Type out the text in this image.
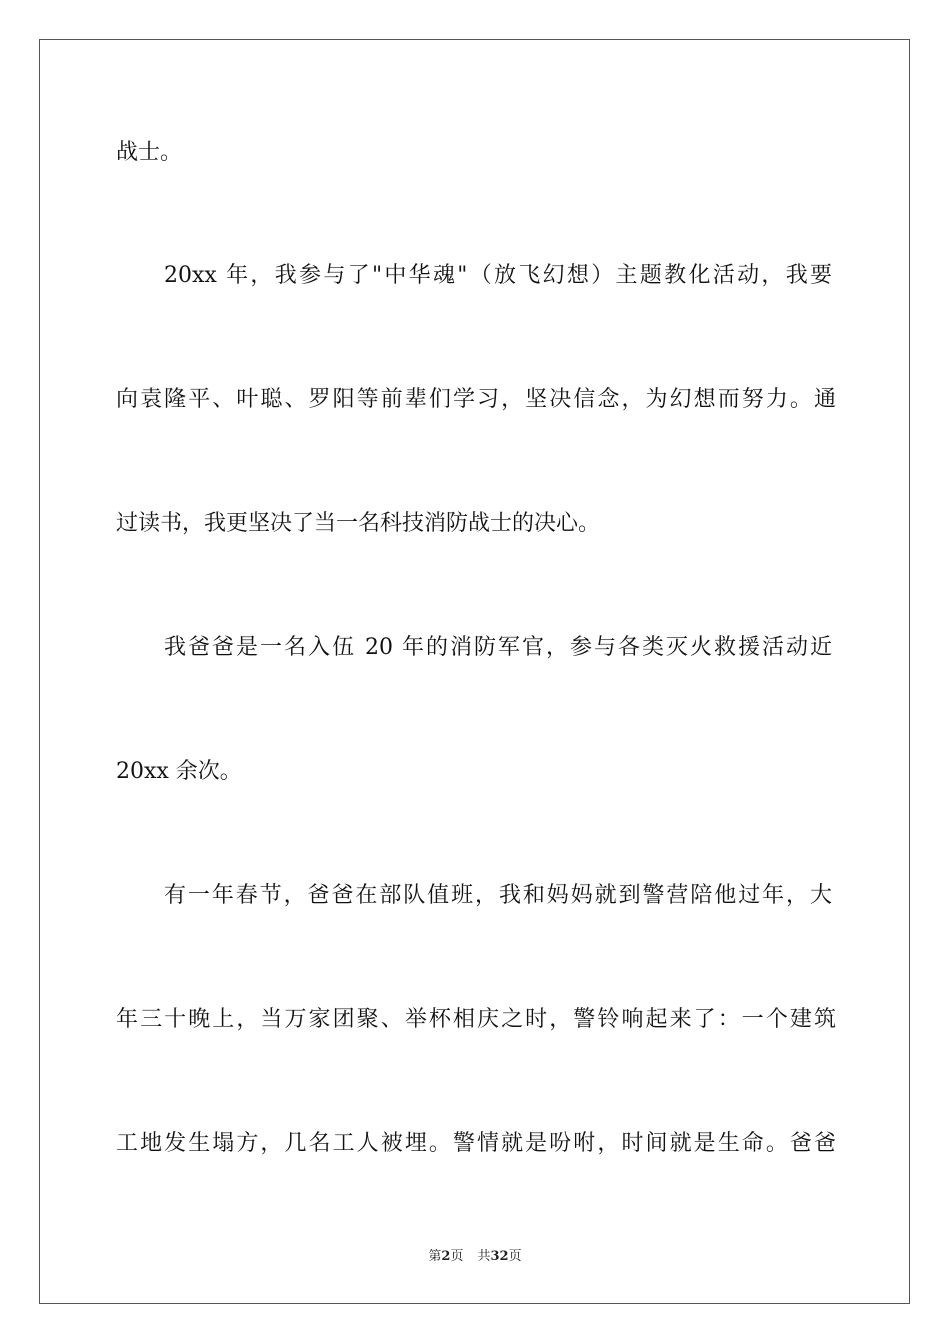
战士。
20xx 年，我参与了"中华魂"（放飞幻想）主题教化活动，我要
向袁隆平、叶聪、罗阳等前辈们学习，坚决信念，为幻想而努力。通
过读书，我更坚决了当一名科技消防战士的决心。
我爸爸是一名入伍 20 年的消防军官，参与各类灭火救援活动近
20xx 余次。
有一年春节，爸爸在部队值班，我和妈妈就到警营陪他过年，大
年三十晚上，当万家团聚、举杯相庆之时，警铃响起来了：一个建筑
工地发生塌方，几名工人被埋。警情就是吩咐，时间就是生命。爸爸
第2页 共32页
